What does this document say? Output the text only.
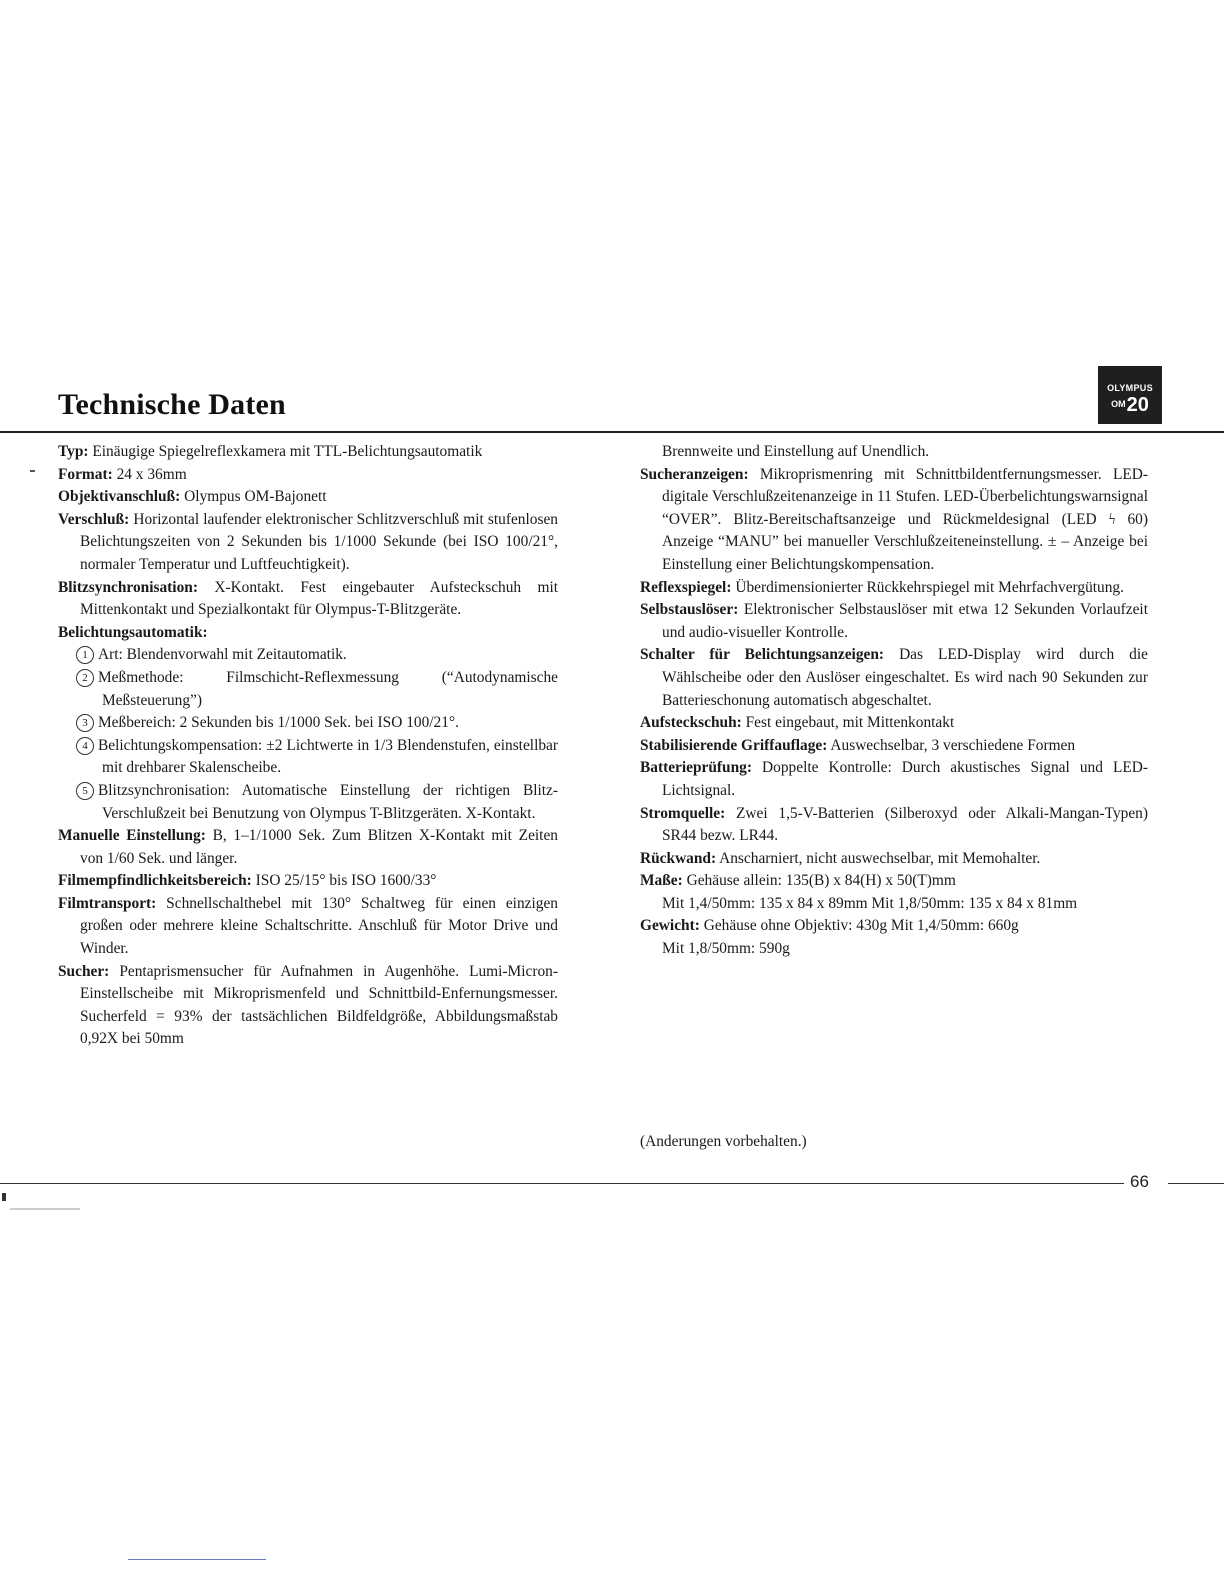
Technische Daten	OLYMPUS
$^{OM}$20
Typ: Einäugige Spiegelreflexkamera mit TTL-Belichtungsautomatik
Format: 24 x 36mm
Objektivanschluß: Olympus OM-Bajonett
Verschluß: Horizontal laufender elektronischer Schlitzverschluß mit stufenlosen Belichtungszeiten von 2 Sekunden bis 1/1000 Sekunde (bei ISO 100/21°, normaler Temperatur und Luftfeuchtigkeit).
Blitzsynchronisation: X-Kontakt. Fest eingebauter Aufsteckschuh mit Mittenkontakt und Spezialkontakt für Olympus-T-Blitzgeräte.
Belichtungsautomatik:
1 Art: Blendenvorwahl mit Zeitautomatik.
2 Meßmethode: Filmschicht-Reflexmessung (“Autodynamische Meßsteuerung”)
3 Meßbereich: 2 Sekunden bis 1/1000 Sek. bei ISO 100/21°.
4 Belichtungskompensation: ±2 Lichtwerte in 1/3 Blendenstufen, einstellbar mit drehbarer Skalenscheibe.
5 Blitzsynchronisation: Automatische Einstellung der richtigen Blitz-Verschlußzeit bei Benutzung von Olympus T-Blitzgeräten. X-Kontakt.
Manuelle Einstellung: B, 1–1/1000 Sek. Zum Blitzen X-Kontakt mit Zeiten von 1/60 Sek. und länger.
Filmempfindlichkeitsbereich: ISO 25/15° bis ISO 1600/33°
Filmtransport: Schnellschalthebel mit 130° Schaltweg für einen einzigen großen oder mehrere kleine Schaltschritte. Anschluß für Motor Drive und Winder.
Sucher: Pentaprismensucher für Aufnahmen in Augenhöhe. Lumi-Micron-Einstellscheibe mit Mikroprismenfeld und Schnittbild-Enfernungsmesser. Sucherfeld = 93% der tastsächlichen Bildfeldgröße, Abbildungsmaßstab 0,92X bei 50mm
Brennweite und Einstellung auf Unendlich.
Sucheranzeigen: Mikroprismenring mit Schnittbildentfernungsmesser. LED-digitale Verschlußzeitenanzeige in 11 Stufen. LED-Überbelichtungswarnsignal “OVER”. Blitz-Bereitschaftsanzeige und Rückmeldesignal (LED ϟ 60) Anzeige “MANU” bei manueller Verschlußzeiteneinstellung. ± – Anzeige bei Einstellung einer Belichtungskompensation.
Reflexspiegel: Überdimensionierter Rückkehrspiegel mit Mehrfachvergütung.
Selbstauslöser: Elektronischer Selbstauslöser mit etwa 12 Sekunden Vorlaufzeit und audio-visueller Kontrolle.
Schalter für Belichtungsanzeigen: Das LED-Display wird durch die Wählscheibe oder den Auslöser eingeschaltet. Es wird nach 90 Sekunden zur Batterieschonung automatisch abgeschaltet.
Aufsteckschuh: Fest eingebaut, mit Mittenkontakt
Stabilisierende Griffauflage: Auswechselbar, 3 verschiedene Formen
Batterieprüfung: Doppelte Kontrolle: Durch akustisches Signal und LED-Lichtsignal.
Stromquelle: Zwei 1,5-V-Batterien (Silberoxyd oder Alkali-Mangan-Typen) SR44 bezw. LR44.
Rückwand: Anscharniert, nicht auswechselbar, mit Memohalter.
Maße: Gehäuse allein: 135(B) x 84(H) x 50(T)mm
Mit 1,4/50mm: 135 x 84 x 89mm Mit 1,8/50mm: 135 x 84 x 81mm
Gewicht: Gehäuse ohne Objektiv: 430g Mit 1,4/50mm: 660g
Mit 1,8/50mm: 590g
(Anderungen vorbehalten.)
66
